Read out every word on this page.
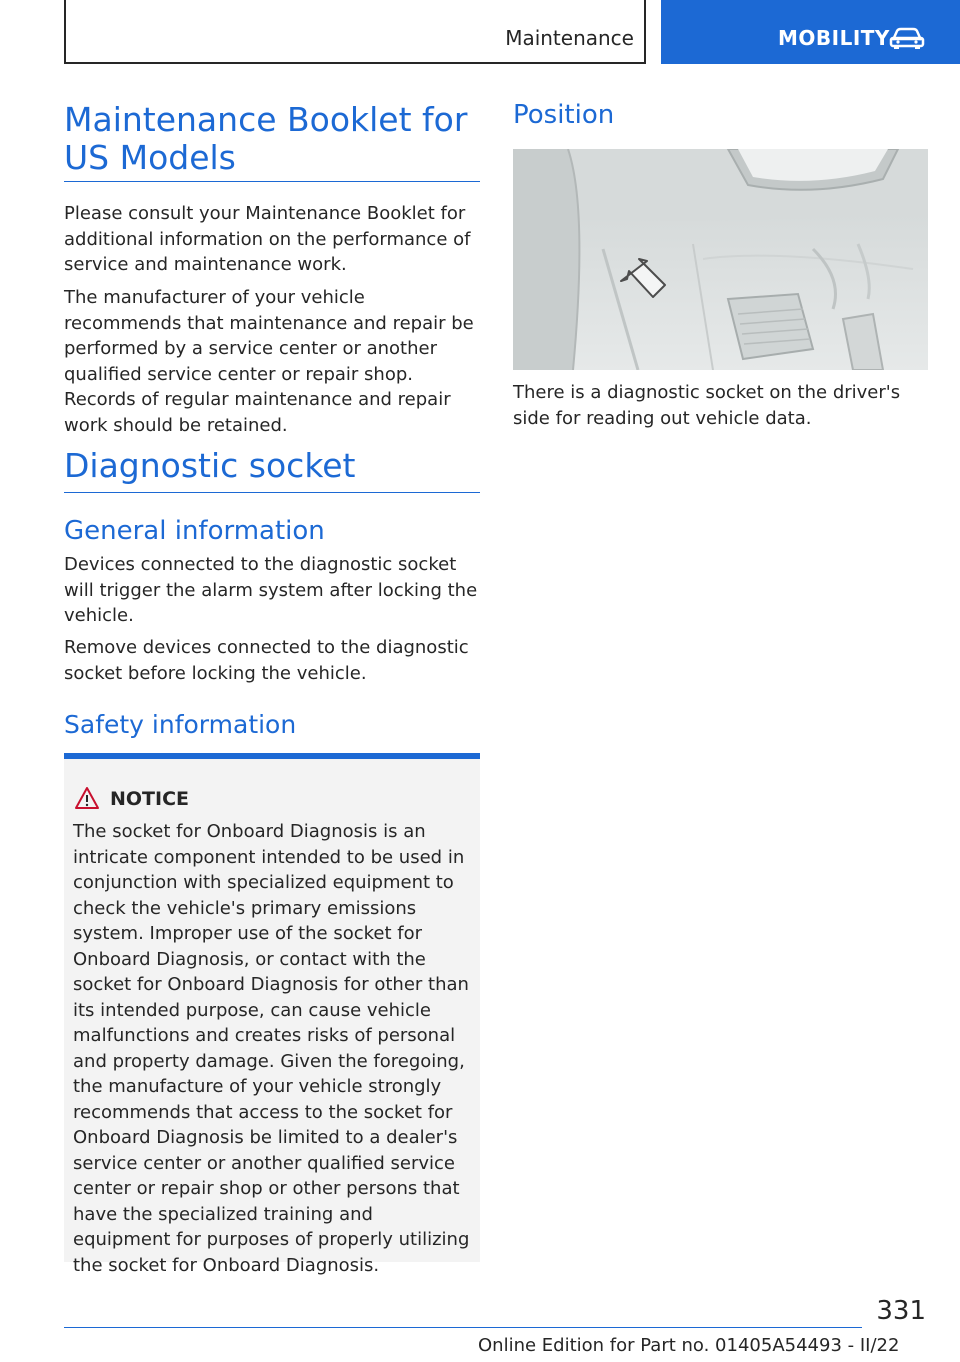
Maintenance	MOBILITY
Maintenance Booklet for US Models

Please consult your Maintenance Booklet for additional information on the performance of service and maintenance work.

The manufacturer of your vehicle recommends that maintenance and repair be performed by a service center or another qualified service center or repair shop. Records of regular maintenance and repair work should be retained.

Diagnostic socket
General information

Devices connected to the diagnostic socket will trigger the alarm system after locking the vehicle.

Remove devices connected to the diagnostic socket before locking the vehicle.

Safety information
NOTICE

The socket for Onboard Diagnosis is an intricate component intended to be used in conjunction with specialized equipment to check the vehicle's primary emissions system. Improper use of the socket for Onboard Diagnosis, or contact with the socket for Onboard Diagnosis for other than its intended purpose, can cause vehicle malfunctions and creates risks of personal and property damage. Given the foregoing, the manufacture of your vehicle strongly recommends that access to the socket for Onboard Diagnosis be limited to a dealer's service center or another qualified service center or repair shop or other persons that have the specialized training and equipment for purposes of properly utilizing the socket for Onboard Diagnosis.

Position

There is a diagnostic socket on the driver's side for reading out vehicle data.

331
Online Edition for Part no. 01405A54493 - II/22
